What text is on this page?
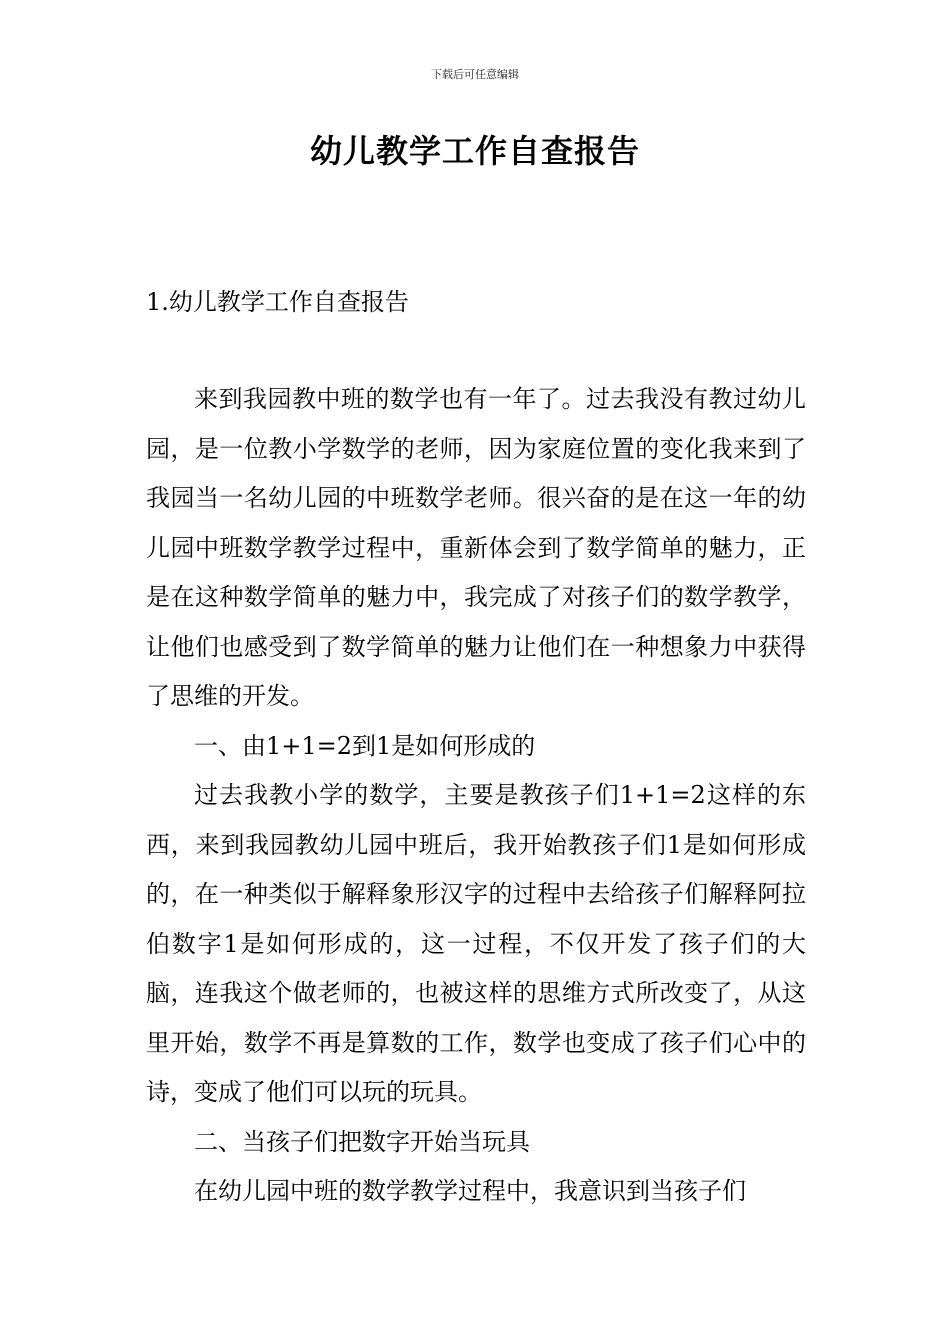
下载后可任意编辑
幼儿教学工作自查报告
1.幼儿教学工作自查报告

来到我园教中班的数学也有一年了。过去我没有教过幼儿园，是一位教小学数学的老师，因为家庭位置的变化我来到了我园当一名幼儿园的中班数学老师。很兴奋的是在这一年的幼儿园中班数学教学过程中，重新体会到了数学简单的魅力，正是在这种数学简单的魅力中，我完成了对孩子们的数学教学，让他们也感受到了数学简单的魅力让他们在一种想象力中获得了思维的开发。

一、由1+1=2到1是如何形成的

过去我教小学的数学，主要是教孩子们1+1=2这样的东西，来到我园教幼儿园中班后，我开始教孩子们1是如何形成的，在一种类似于解释象形汉字的过程中去给孩子们解释阿拉伯数字1是如何形成的，这一过程，不仅开发了孩子们的大脑，连我这个做老师的，也被这样的思维方式所改变了，从这里开始，数学不再是算数的工作，数学也变成了孩子们心中的诗，变成了他们可以玩的玩具。

二、当孩子们把数字开始当玩具

在幼儿园中班的数学教学过程中，我意识到当孩子们
